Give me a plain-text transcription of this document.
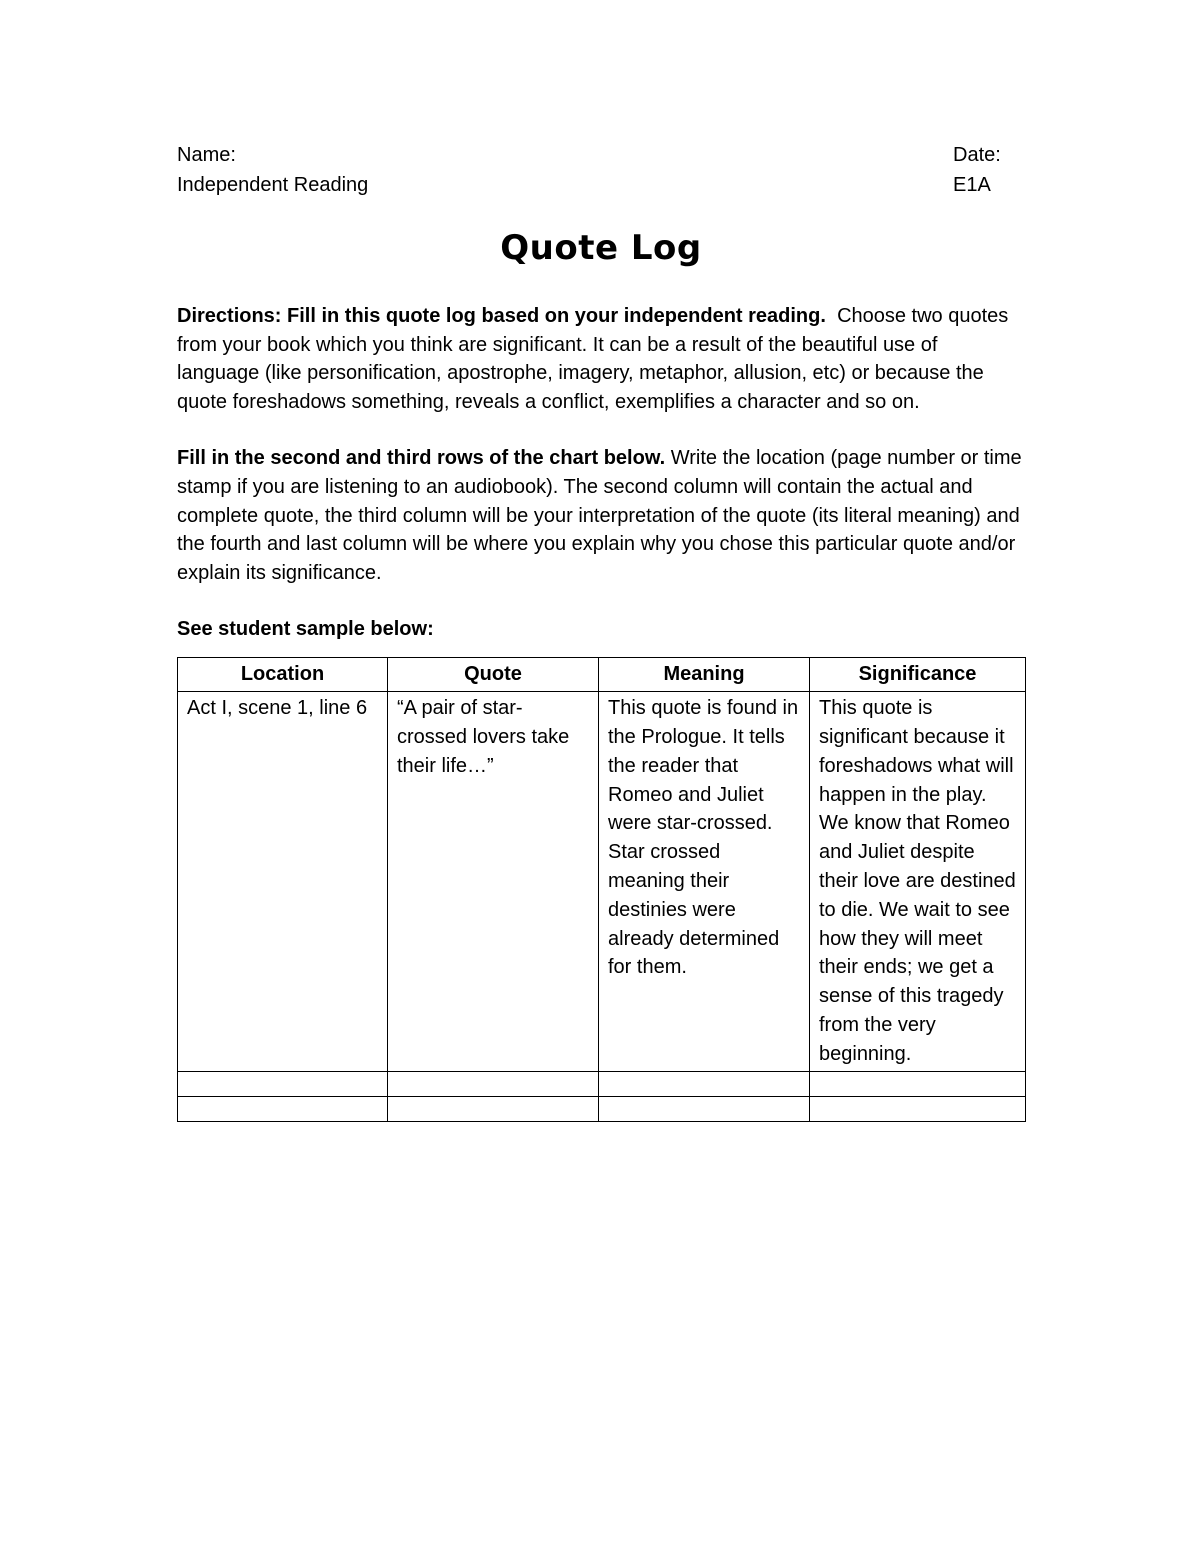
Name:	Date:
Independent Reading	E1A
Quote Log

Directions: Fill in this quote log based on your independent reading. Choose two quotes from your book which you think are significant. It can be a result of the beautiful use of language (like personification, apostrophe, imagery, metaphor, allusion, etc) or because the quote foreshadows something, reveals a conflict, exemplifies a character and so on.

Fill in the second and third rows of the chart below. Write the location (page number or time stamp if you are listening to an audiobook). The second column will contain the actual and complete quote, the third column will be your interpretation of the quote (its literal meaning) and the fourth and last column will be where you explain why you chose this particular quote and/or explain its significance.

See student sample below:

Location	Quote	Meaning	Significance
Act I, scene 1, line 6	“A pair of star-crossed lovers take their life…”	This quote is found in the Prologue. It tells the reader that Romeo and Juliet were star-crossed. Star crossed meaning their destinies were already determined for them.	This quote is significant because it foreshadows what will happen in the play. We know that Romeo and Juliet despite their love are destined to die. We wait to see how they will meet their ends; we get a sense of this tragedy from the very beginning.
